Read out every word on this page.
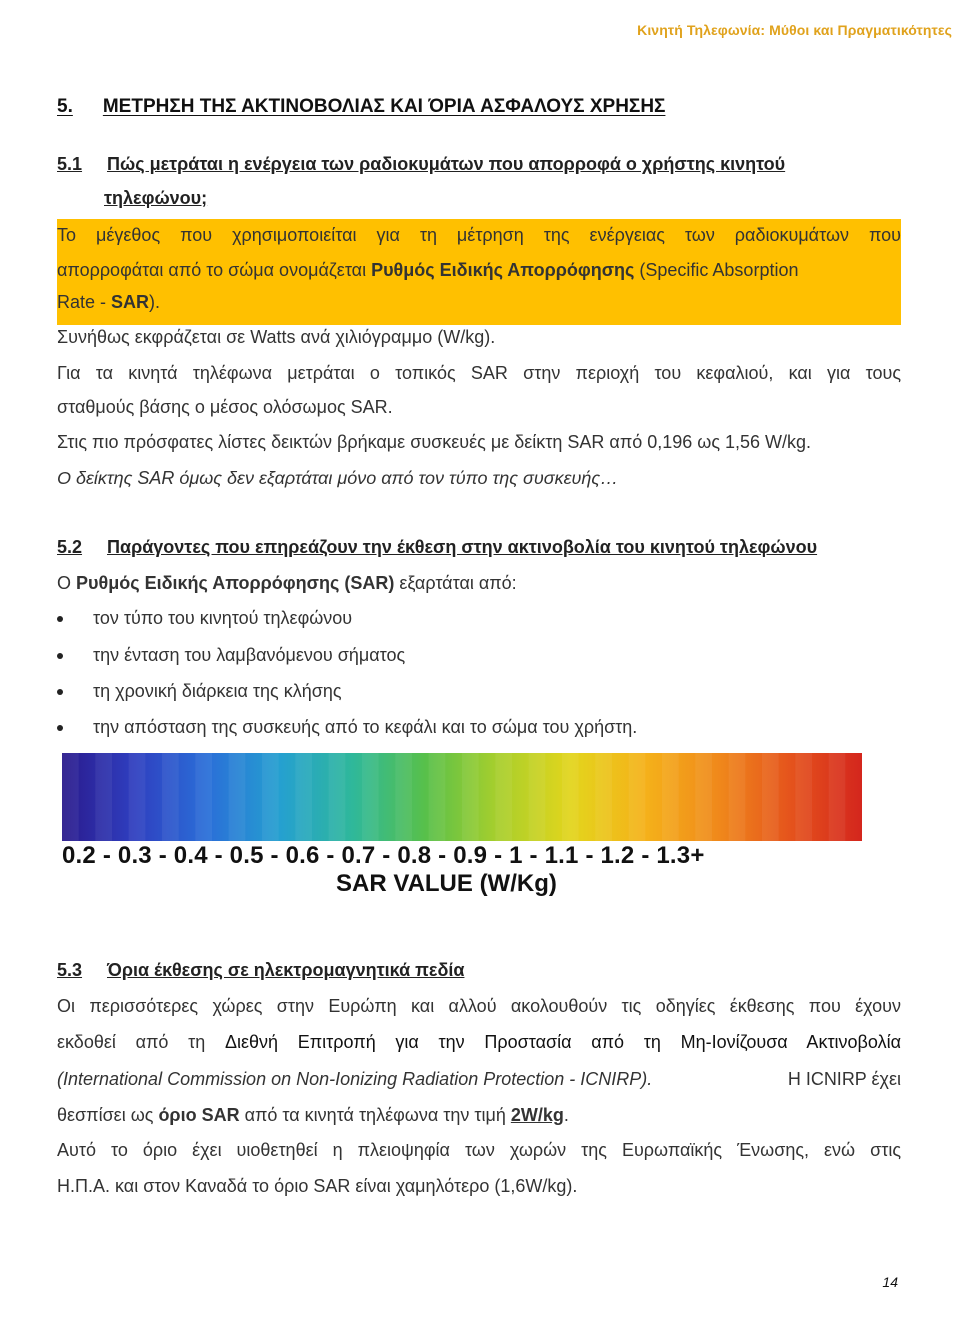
Κινητή Τηλεφωνία: Μύθοι και Πραγματικότητες
5. ΜΕΤΡΗΣΗ ΤΗΣ ΑΚΤΙΝΟΒΟΛΙΑΣ ΚΑΙ ΌΡΙΑ ΑΣΦΑΛΟΥΣ ΧΡΗΣΗΣ
5.1 Πώς μετράται η ενέργεια των ραδιοκυμάτων που απορροφά ο χρήστης κινητού
τηλεφώνου;
Το μέγεθος που χρησιμοποιείται για τη μέτρηση της ενέργειας των ραδιοκυμάτων που
απορροφάται από το σώμα ονομάζεται Ρυθμός Ειδικής Απορρόφησης (Specific Absorption
Rate - SAR).
Συνήθως εκφράζεται σε Watts ανά χιλιόγραμμο (W/kg).
Για τα κινητά τηλέφωνα μετράται ο τοπικός SAR στην περιοχή του κεφαλιού, και για τους
σταθμούς βάσης ο μέσος ολόσωμος SAR.
Στις πιο πρόσφατες λίστες δεικτών βρήκαμε συσκευές με δείκτη SAR από 0,196 ως 1,56 W/kg.
Ο δείκτης SAR όμως δεν εξαρτάται μόνο από τον τύπο της συσκευής…
5.2 Παράγοντες που επηρεάζουν την έκθεση στην ακτινοβολία του κινητού τηλεφώνου
Ο Ρυθμός Ειδικής Απορρόφησης (SAR) εξαρτάται από:
τον τύπο του κινητού τηλεφώνου
την ένταση του λαμβανόμενου σήματος
τη χρονική διάρκεια της κλήσης
την απόσταση της συσκευής από το κεφάλι και το σώμα του χρήστη.
0.2 - 0.3 - 0.4 - 0.5 - 0.6 - 0.7 - 0.8 - 0.9 - 1 - 1.1 - 1.2 - 1.3+
SAR VALUE (W/Kg)
5.3 Όρια έκθεσης σε ηλεκτρομαγνητικά πεδία
Οι περισσότερες χώρες στην Ευρώπη και αλλού ακολουθούν τις οδηγίες έκθεσης που έχουν
εκδοθεί από τη Διεθνή Επιτροπή για την Προστασία από τη Μη-Ιονίζουσα Ακτινοβολία
(International Commission on Non-Ionizing Radiation Protection - ICNIRP).	Η ICNIRP έχει
θεσπίσει ως όριο SAR από τα κινητά τηλέφωνα την τιμή 2W/kg.
Αυτό το όριο έχει υιοθετηθεί η πλειοψηφία των χωρών της Ευρωπαϊκής Ένωσης, ενώ στις
Η.Π.Α. και στον Καναδά το όριο SAR είναι χαμηλότερο (1,6W/kg).
14
